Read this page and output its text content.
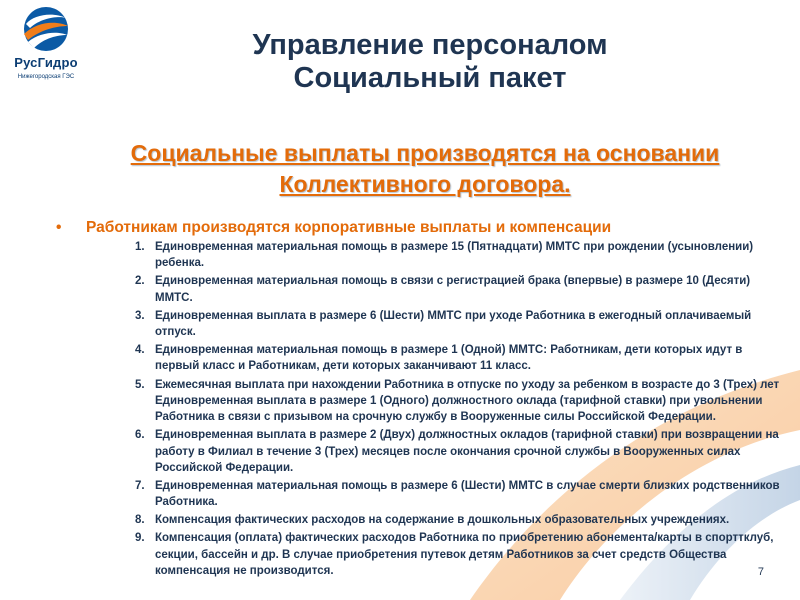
РусГидро
Нижегородская ГЭС
Управление персоналом
Социальный пакет
Социальные выплаты производятся на основании
Коллективного договора.
• Работникам производятся корпоративные выплаты и компенсации
1. Единовременная материальная помощь в размере 15 (Пятнадцати) ММТС при рождении (усыновлении) ребенка.
2. Единовременная материальная помощь в связи с регистрацией брака (впервые) в размере 10 (Десяти) ММТС.
3. Единовременная выплата в размере 6 (Шести) ММТС при уходе Работника в ежегодный оплачиваемый отпуск.
4. Единовременная материальная помощь в размере 1 (Одной) ММТС: Работникам, дети которых идут в первый класс и Работникам, дети которых заканчивают 11 класс.
5. Ежемесячная выплата при нахождении Работника в отпуске по уходу за ребенком в возрасте до 3 (Трех) лет Единовременная выплата в размере 1 (Одного) должностного оклада (тарифной ставки) при увольнении Работника в связи с призывом на срочную службу в Вооруженные силы Российской Федерации.
6. Единовременная выплата в размере 2 (Двух) должностных окладов (тарифной ставки) при возвращении на работу в Филиал в течение 3 (Трех) месяцев после окончания срочной службы в Вооруженных силах Российской Федерации.
7. Единовременная материальная помощь в размере 6 (Шести) ММТС в случае смерти близких родственников Работника.
8. Компенсация фактических расходов на содержание в дошкольных образовательных учреждениях.
9. Компенсация (оплата) фактических расходов Работника по приобретению абонемента/карты в спорттклуб, секции, бассейн и др. В случае приобретения путевок детям Работников за счет средств Общества компенсация не производится.	7
